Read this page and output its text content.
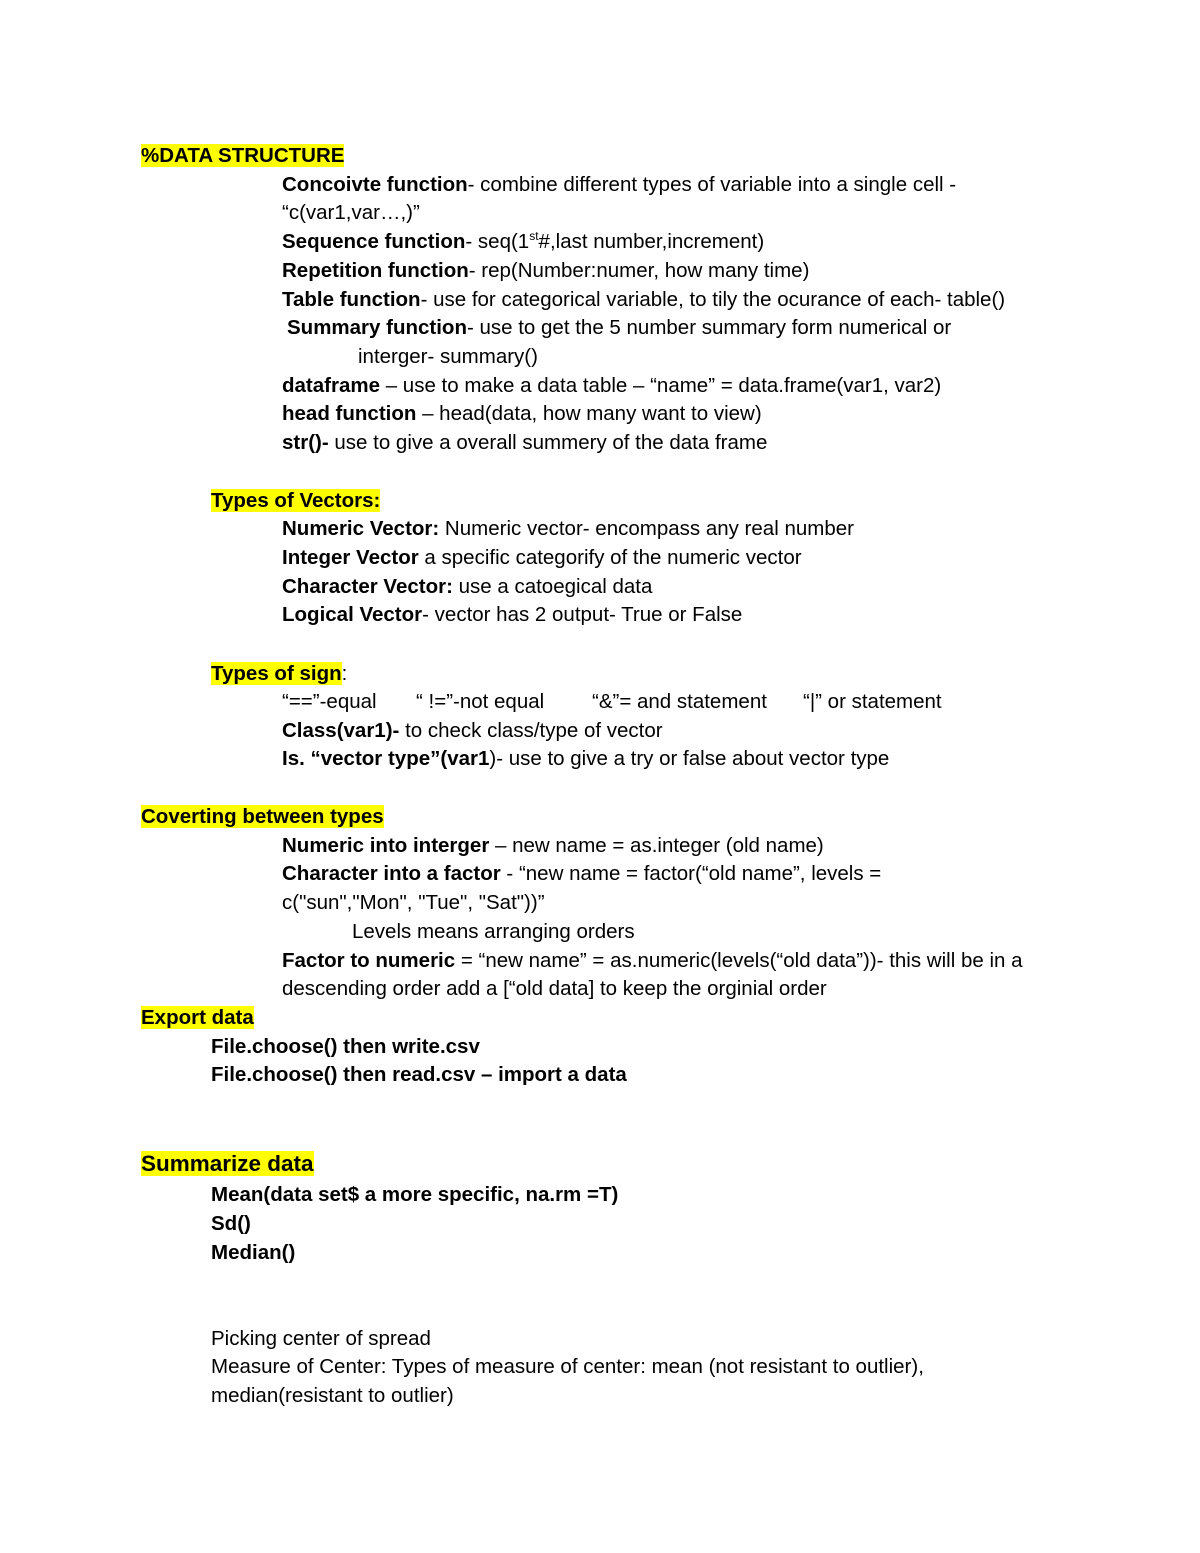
%DATA STRUCTURE
Concoivte function- combine different types of variable into a single cell -
“c(var1,var…,)”
Sequence function- seq(1st#,last number,increment)
Repetition function- rep(Number:numer, how many time)
Table function- use for categorical variable, to tily the ocurance of each- table()
Summary function- use to get the 5 number summary form numerical or
interger- summary()
dataframe – use to make a data table – “name” = data.frame(var1, var2)
head function – head(data, how many want to view)
str()- use to give a overall summery of the data frame
Types of Vectors:
Numeric Vector: Numeric vector- encompass any real number
Integer Vector a specific categorify of the numeric vector
Character Vector: use a catoegical data
Logical Vector- vector has 2 output- True or False
Types of sign:
“==”-equal “ !=”-not equal “&”= and statement “|” or statement
Class(var1)- to check class/type of vector
Is. “vector type”(var1)- use to give a try or false about vector type
Coverting between types
Numeric into interger – new name = as.integer (old name)
Character into a factor - “new name = factor(“old name”, levels =
c("sun","Mon", "Tue", "Sat"))”
Levels means arranging orders
Factor to numeric = “new name” = as.numeric(levels(“old data”))- this will be in a
descending order add a [“old data] to keep the orginial order
Export data
File.choose() then write.csv
File.choose() then read.csv – import a data
Summarize data
Mean(data set$ a more specific, na.rm =T)
Sd()
Median()
Picking center of spread
Measure of Center: Types of measure of center: mean (not resistant to outlier),
median(resistant to outlier)
